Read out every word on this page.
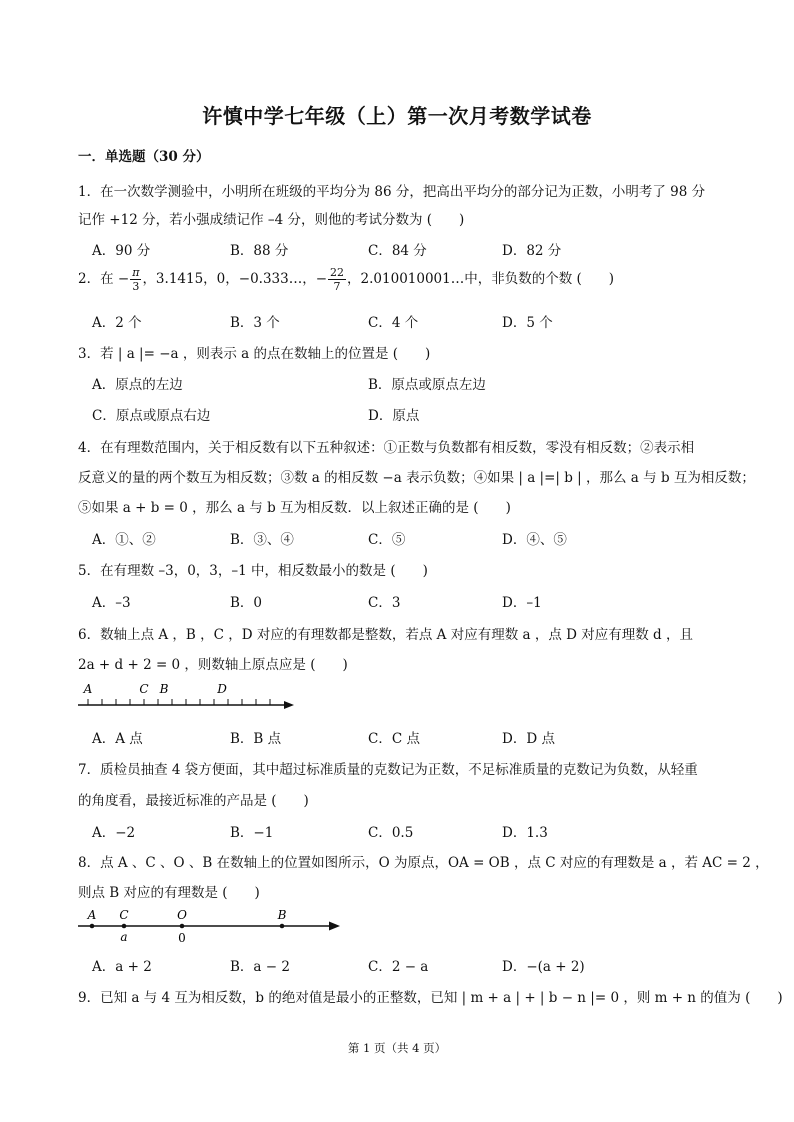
许慎中学七年级（上）第一次月考数学试卷
一．单选题（30 分）
1．在一次数学测验中，小明所在班级的平均分为 86 分，把高出平均分的部分记为正数，小明考了 98 分
记作 +12 分，若小强成绩记作 –4 分，则他的考试分数为 (　　)
A．90 分	B．88 分	C．84 分	D．82 分
2．在 − $\frac{\pi}{3}$ ，3.1415，0，−0.333…，− $\frac{22}{7}$ ，2.010010001…中，非负数的个数 (　　)
A．2 个	B．3 个	C．4 个	D．5 个
3．若 | a |= −a ，则表示 a 的点在数轴上的位置是 (　　)
A．原点的左边	B．原点或原点左边
C．原点或原点右边	D．原点
4．在有理数范围内，关于相反数有以下五种叙述：①正数与负数都有相反数，零没有相反数；②表示相
反意义的量的两个数互为相反数；③数 a 的相反数 −a 表示负数；④如果 | a |=| b | ，那么 a 与 b 互为相反数；
⑤如果 a + b = 0 ，那么 a 与 b 互为相反数．以上叙述正确的是 (　　)
A．①、②	B．③、④	C．⑤	D．④、⑤
5．在有理数 –3，0，3，–1 中，相反数最小的数是 (　　)
A．–3	B．0	C．3	D．–1
6．数轴上点 A ，B ，C ，D 对应的有理数都是整数，若点 A 对应有理数 a ，点 D 对应有理数 d ，且
2a + d + 2 = 0 ，则数轴上原点应是 (　　)
A	C B	D
A．A 点	B．B 点	C．C 点	D．D 点
7．质检员抽查 4 袋方便面，其中超过标准质量的克数记为正数，不足标准质量的克数记为负数，从轻重
的角度看，最接近标准的产品是 (　　)
A．−2	B．−1	C．0.5	D．1.3
8．点 A 、C 、O 、B 在数轴上的位置如图所示，O 为原点，OA = OB ，点 C 对应的有理数是 a ，若 AC = 2 ，
则点 B 对应的有理数是 (　　)
A C	O	B
a	0
A．a + 2	B．a − 2	C．2 − a	D．−(a + 2)
9．已知 a 与 4 互为相反数，b 的绝对值是最小的正整数，已知 | m + a | + | b − n |= 0 ，则 m + n 的值为 (　　)
第 1 页（共 4 页）
